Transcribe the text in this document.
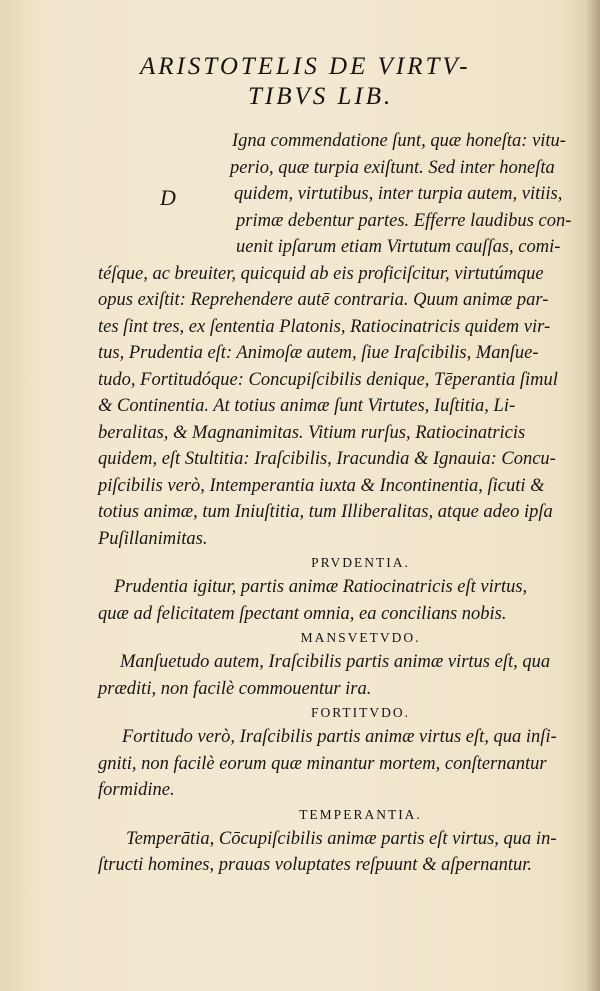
ARISTOTELIS DE VIRTV-
TIBVS LIB.
D
Igna commendatione ſunt, quæ honeſta: vitu-
perio, quæ turpia exiſtunt. Sed inter honeſta
quidem, virtutibus, inter turpia autem, vitiis,
primæ debentur partes. Efferre laudibus con-
uenit ipſarum etiam Virtutum cauſſas, comi-
téſque, ac breuiter, quicquid ab eis proficiſcitur, virtutúmque
opus exiſtit: Reprehendere autē contraria. Quum animæ par-
tes ſint tres, ex ſententia Platonis, Ratiocinatricis quidem vir-
tus, Prudentia eſt: Animoſæ autem, ſiue Iraſcibilis, Manſue-
tudo, Fortitudóque: Concupiſcibilis denique, Tēperantia ſimul
& Continentia. At totius animæ ſunt Virtutes, Iuſtitia, Li-
beralitas, & Magnanimitas. Vitium rurſus, Ratiocinatricis
quidem, eſt Stultitia: Iraſcibilis, Iracundia & Ignauia: Concu-
piſcibilis verò, Intemperantia iuxta & Incontinentia, ſicuti &
totius animæ, tum Iniuſtitia, tum Illiberalitas, atque adeo ipſa
Puſillanimitas.
PRVDENTIA.
Prudentia igitur, partis animæ Ratiocinatricis eſt virtus,
quæ ad felicitatem ſpectant omnia, ea concilians nobis.
MANSVETVDO.
Manſuetudo autem, Iraſcibilis partis animæ virtus eſt, qua
præditi, non facilè commouentur ira.
FORTITVDO.
Fortitudo verò, Iraſcibilis partis animæ virtus eſt, qua inſi-
gniti, non facilè eorum quæ minantur mortem, conſternantur
formidine.
TEMPERANTIA.
Temperātia, Cōcupiſcibilis animæ partis eſt virtus, qua in-
ſtructi homines, prauas voluptates reſpuunt & aſpernantur.
